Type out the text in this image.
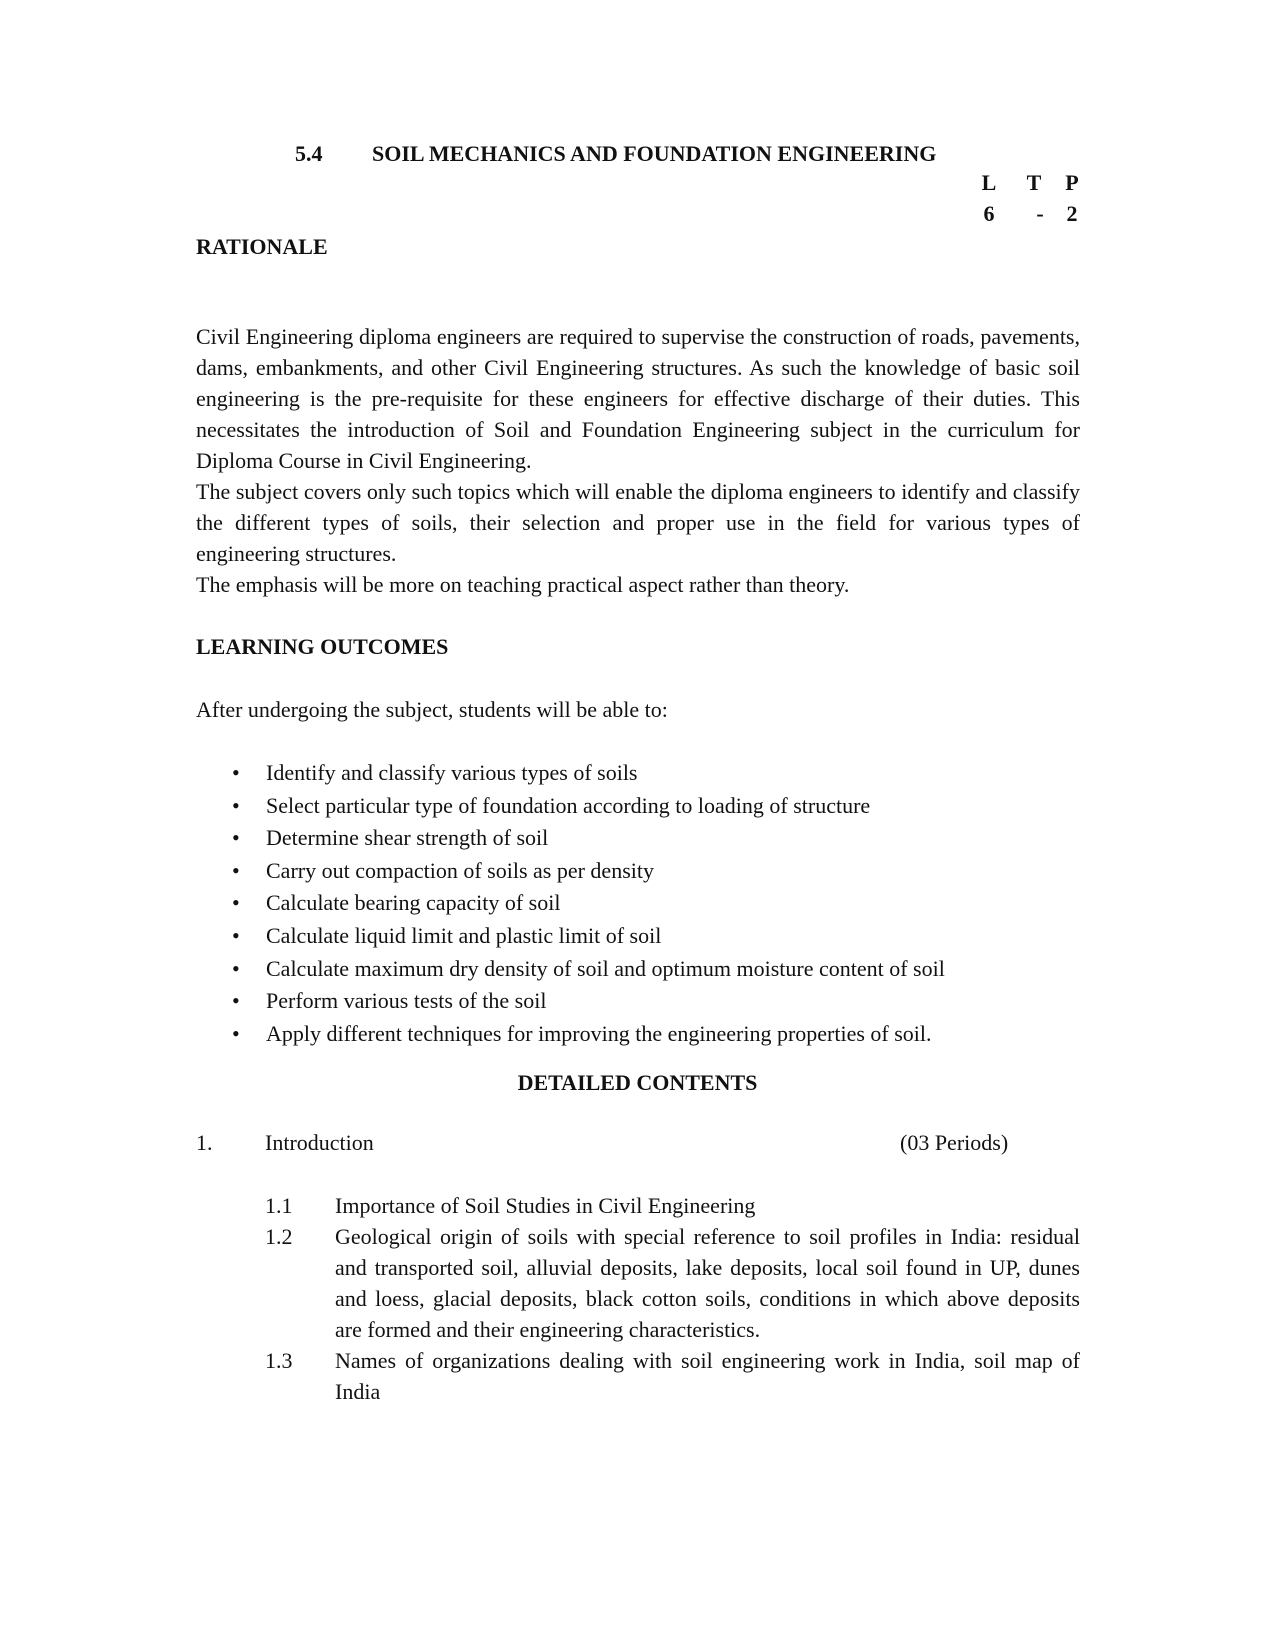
5.4 SOIL MECHANICS AND FOUNDATION ENGINEERING
L	T	P
6	-	2
RATIONALE

Civil Engineering diploma engineers are required to supervise the construction of roads, pavements, dams, embankments, and other Civil Engineering structures. As such the knowledge of basic soil engineering is the pre-requisite for these engineers for effective discharge of their duties. This necessitates the introduction of Soil and Foundation Engineering subject in the curriculum for Diploma Course in Civil Engineering.

The subject covers only such topics which will enable the diploma engineers to identify and classify the different types of soils, their selection and proper use in the field for various types of engineering structures.

The emphasis will be more on teaching practical aspect rather than theory.

LEARNING OUTCOMES
After undergoing the subject, students will be able to:
• Identify and classify various types of soils
• Select particular type of foundation according to loading of structure
• Determine shear strength of soil
• Carry out compaction of soils as per density
• Calculate bearing capacity of soil
• Calculate liquid limit and plastic limit of soil
• Calculate maximum dry density of soil and optimum moisture content of soil
• Perform various tests of the soil
• Apply different techniques for improving the engineering properties of soil.
DETAILED CONTENTS
1. Introduction	(03 Periods)
1.1 Importance of Soil Studies in Civil Engineering
1.2 Geological origin of soils with special reference to soil profiles in India: residual and transported soil, alluvial deposits, lake deposits, local soil found in UP, dunes and loess, glacial deposits, black cotton soils, conditions in which above deposits are formed and their engineering characteristics.
1.3 Names of organizations dealing with soil engineering work in India, soil map of India
